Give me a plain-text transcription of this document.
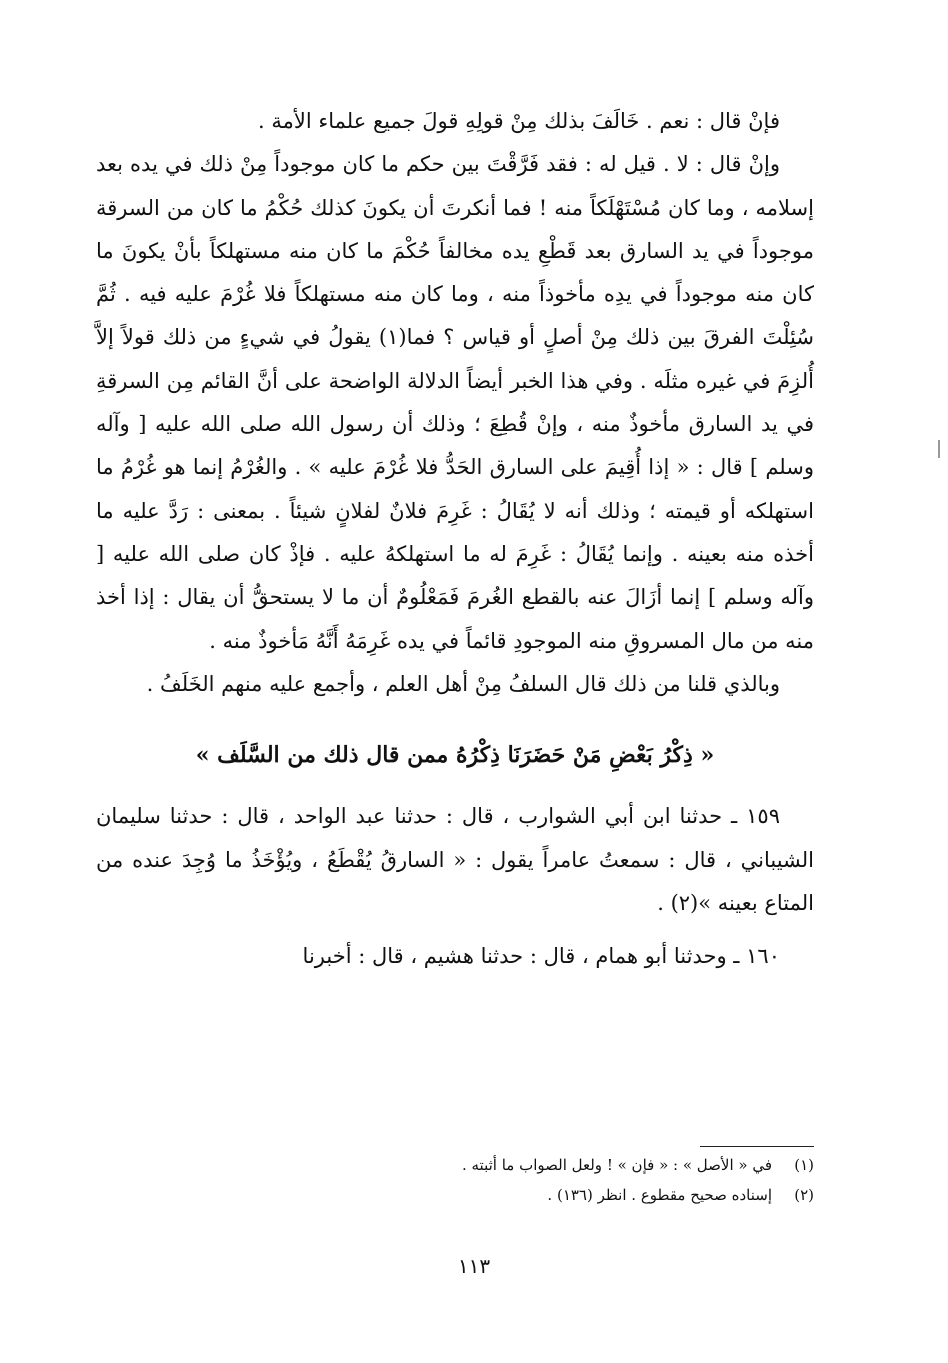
فإنْ قال : نعم . خَالَفَ بذلك مِنْ قولِهِ قولَ جميع علماء الأمة .

وإنْ قال : لا . قيل له : فقد فَرَّقْتَ بين حكم ما كان موجوداً مِنْ ذلك في يده بعد إسلامه ، وما كان مُسْتَهْلَكاً منه ! فما أنكرتَ أن يكونَ كذلك حُكْمُ ما كان من السرقة موجوداً في يد السارق بعد قَطْعِ يده مخالفاً حُكْمَ ما كان منه مستهلكاً بأنْ يكونَ ما كان منه موجوداً في يدِه مأخوذاً منه ، وما كان منه مستهلكاً فلا غُرْمَ عليه فيه . ثُمَّ سُئِلْتَ الفرقَ بين ذلك مِنْ أصلٍ أو قياس ؟ فما(١) يقولُ في شيءٍ من ذلك قولاً إلاَّ أُلزِمَ في غيره مثلَه . وفي هذا الخبر أيضاً الدلالة الواضحة على أنَّ القائم مِن السرقةِ في يد السارق مأخوذٌ منه ، وإنْ قُطِعَ ؛ وذلك أن رسول الله صلى الله عليه [ وآله وسلم ] قال : « إذا أُقِيمَ على السارق الحَدُّ فلا غُرْمَ عليه » . والغُرْمُ إنما هو غُرْمُ ما استهلكه أو قيمته ؛ وذلك أنه لا يُقَالُ : غَرِمَ فلانٌ لفلانٍ شيئاً . بمعنى : رَدَّ عليه ما أخذه منه بعينه . وإنما يُقَالُ : غَرِمَ له ما استهلكهُ عليه . فإذْ كان صلى الله عليه [ وآله وسلم ] إنما أزَالَ عنه بالقطع الغُرمَ فَمَعْلُومٌ أن ما لا يستحقُّ أن يقال : إذا أخذ منه من مال المسروقِ منه الموجودِ قائماً في يده غَرِمَهُ أَنَّهُ مَأخوذٌ منه .

وبالذي قلنا من ذلك قال السلفُ مِنْ أهل العلم ، وأجمع عليه منهم الخَلَفُ .

« ذِكْرُ بَعْضِ مَنْ حَضَرَنَا ذِكْرُهُ ممن قال ذلك من السَّلَف »

١٥٩ ـ حدثنا ابن أبي الشوارب ، قال : حدثنا عبد الواحد ، قال : حدثنا سليمان الشيباني ، قال : سمعتُ عامراً يقول : « السارقُ يُقْطَعُ ، ويُؤْخَذُ ما وُجِدَ عنده من المتاع بعينه »(٢) .

١٦٠ ـ وحدثنا أبو همام ، قال : حدثنا هشيم ، قال : أخبرنا

(١)في « الأصل » : « فإن » ! ولعل الصواب ما أثبته .

(٢)إسناده صحيح مقطوع . انظر (١٣٦) .

١١٣
